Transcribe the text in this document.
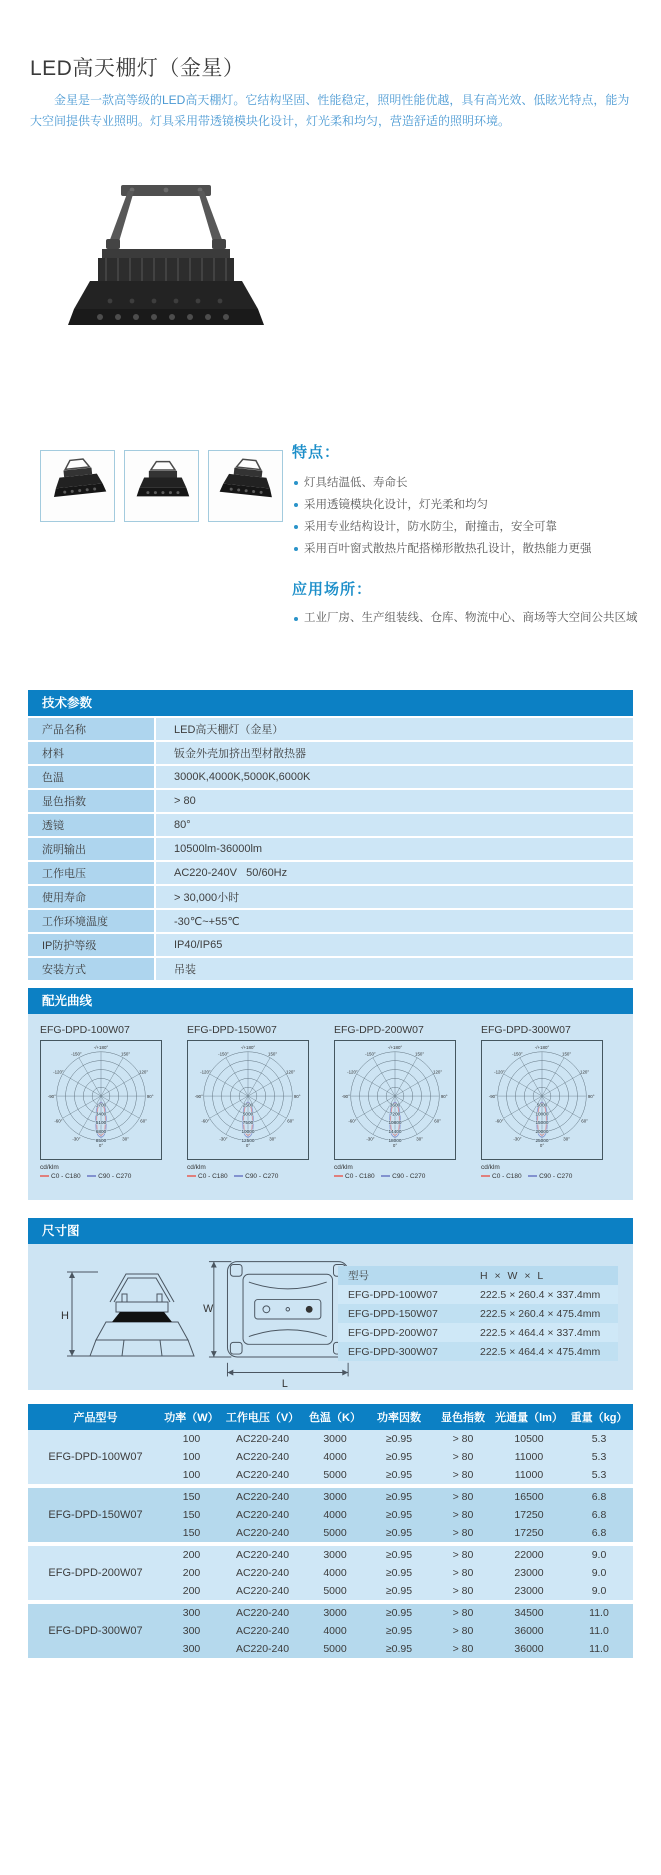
LED高天棚灯（金星）

金星是一款高等级的LED高天棚灯。它结构坚固、性能稳定，照明性能优越，具有高光效、低眩光特点，能为大空间提供专业照明。灯具采用带透镜模块化设计，灯光柔和均匀，营造舒适的照明环境。

特点：
灯具结温低、寿命长
采用透镜模块化设计，灯光柔和均匀
采用专业结构设计，防水防尘，耐撞击，安全可靠
采用百叶窗式散热片配搭梯形散热孔设计，散热能力更强
应用场所：
工业厂房、生产组装线、仓库、物流中心、商场等大空间公共区域
技术参数
产品名称	LED高天棚灯（金星）
材料	钣金外壳加挤出型材散热器
色温	3000K,4000K,5000K,6000K
显色指数	> 80
透镜	80°
流明输出	10500lm-36000lm
工作电压	AC220-240V   50/60Hz
使用寿命	> 30,000小时
工作环境温度	-30℃~+55℃
IP防护等级	IP40/IP65
安装方式	吊装
配光曲线
EFG-DPD-100W07
-/+180°
150°
120°
90°
60°
30°
0°
-30°
-60°
-90°
-120°
-150°
1700
3400
5100
6800
8500
cd/klm
C0 - C180 C90 - C270
EFG-DPD-150W07
-/+180°
150°
120°
90°
60°
30°
0°
-30°
-60°
-90°
-120°
-150°
2500
5000
7500
10000
12500
cd/klm
C0 - C180 C90 - C270
EFG-DPD-200W07
-/+180°
150°
120°
90°
60°
30°
0°
-30°
-60°
-90°
-120°
-150°
3600
7200
10800
14400
18000
cd/klm
C0 - C180 C90 - C270
EFG-DPD-300W07
-/+180°
150°
120°
90°
60°
30°
0°
-30°
-60°
-90°
-120°
-150°
5000
10000
15000
20000
25000
cd/klm
C0 - C180 C90 - C270
尺寸图
H
W
L
型号	H × W × L
EFG-DPD-100W07	222.5 × 260.4 × 337.4mm
EFG-DPD-150W07	222.5 × 260.4 × 475.4mm
EFG-DPD-200W07	222.5 × 464.4 × 337.4mm
EFG-DPD-300W07	222.5 × 464.4 × 475.4mm
产品型号	功率（W）	工作电压（V）	色温（K）	功率因数	显色指数	光通量（lm）	重量（kg）
EFG-DPD-100W07	100	AC220-240	3000	≥0.95	> 80	10500	5.3
	100	AC220-240	4000	≥0.95	> 80	11000	5.3
	100	AC220-240	5000	≥0.95	> 80	11000	5.3
EFG-DPD-150W07	150	AC220-240	3000	≥0.95	> 80	16500	6.8
	150	AC220-240	4000	≥0.95	> 80	17250	6.8
	150	AC220-240	5000	≥0.95	> 80	17250	6.8
EFG-DPD-200W07	200	AC220-240	3000	≥0.95	> 80	22000	9.0
	200	AC220-240	4000	≥0.95	> 80	23000	9.0
	200	AC220-240	5000	≥0.95	> 80	23000	9.0
EFG-DPD-300W07	300	AC220-240	3000	≥0.95	> 80	34500	11.0
	300	AC220-240	4000	≥0.95	> 80	36000	11.0
	300	AC220-240	5000	≥0.95	> 80	36000	11.0
